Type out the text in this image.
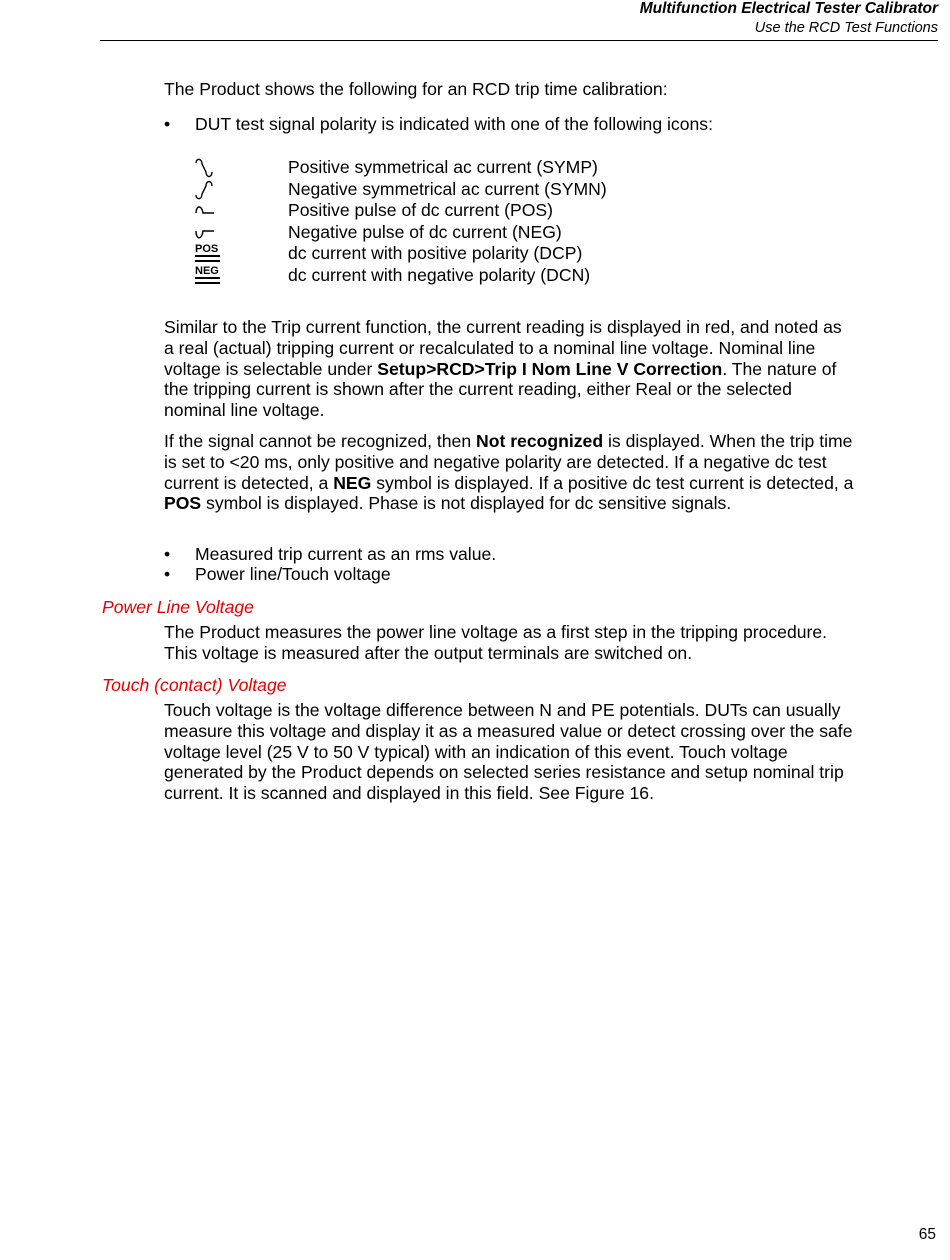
Multifunction Electrical Tester Calibrator
Use the RCD Test Functions
The Product shows the following for an RCD trip time calibration:
• DUT test signal polarity is indicated with one of the following icons:
Positive symmetrical ac current (SYMP)
Negative symmetrical ac current (SYMN)
Positive pulse of dc current (POS)
Negative pulse of dc current (NEG)
POS	dc current with positive polarity (DCP)
NEG	dc current with negative polarity (DCN)
Similar to the Trip current function, the current reading is displayed in red, and noted as a real (actual) tripping current or recalculated to a nominal line voltage. Nominal line voltage is selectable under Setup>RCD>Trip I Nom Line V Correction. The nature of the tripping current is shown after the current reading, either Real or the selected nominal line voltage.
If the signal cannot be recognized, then Not recognized is displayed. When the trip time is set to <20 ms, only positive and negative polarity are detected. If a negative dc test current is detected, a NEG symbol is displayed. If a positive dc test current is detected, a POS symbol is displayed. Phase is not displayed for dc sensitive signals.
• Measured trip current as an rms value.
• Power line/Touch voltage
Power Line Voltage
The Product measures the power line voltage as a first step in the tripping procedure. This voltage is measured after the output terminals are switched on.
Touch (contact) Voltage
Touch voltage is the voltage difference between N and PE potentials. DUTs can usually measure this voltage and display it as a measured value or detect crossing over the safe voltage level (25 V to 50 V typical) with an indication of this event. Touch voltage generated by the Product depends on selected series resistance and setup nominal trip current. It is scanned and displayed in this field. See Figure 16.
65
